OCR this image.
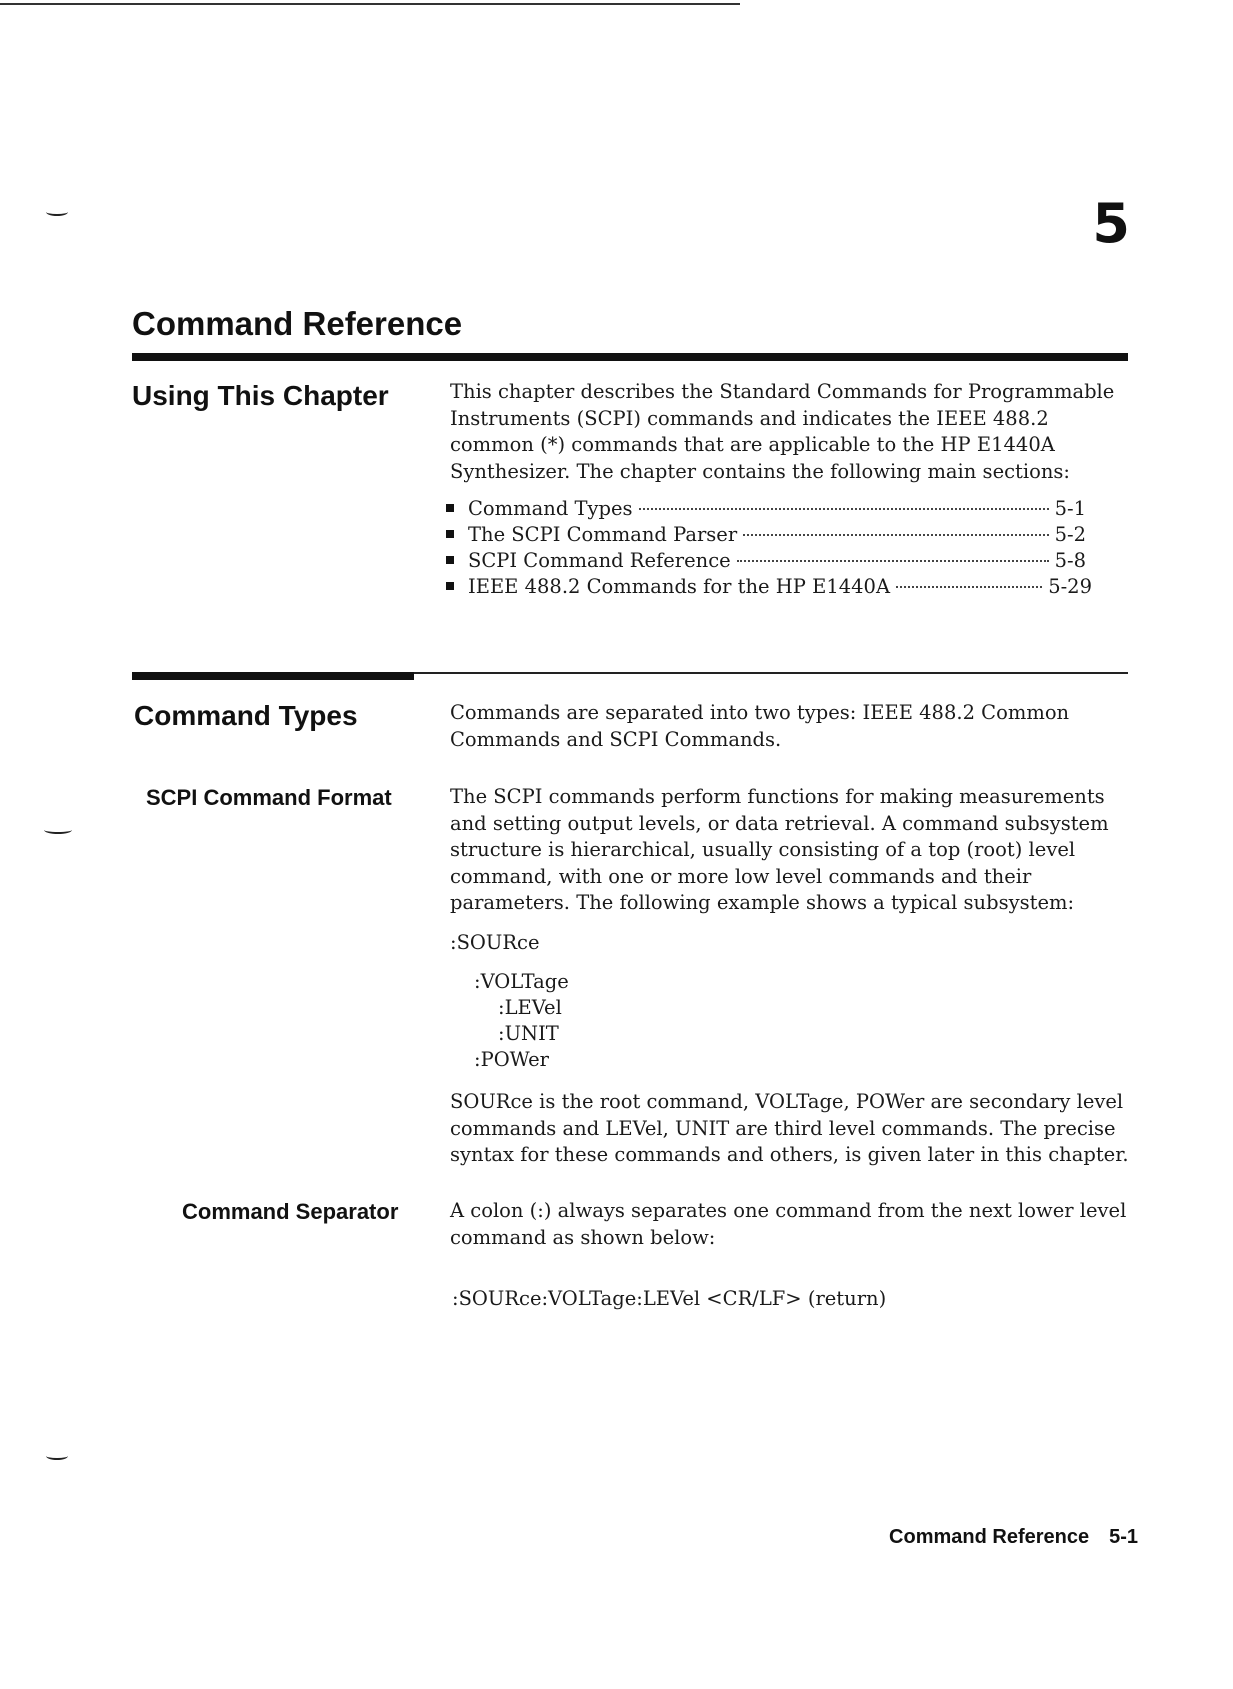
5
Command Reference
Using This Chapter	This chapter describes the Standard Commands for Programmable Instruments (SCPI) commands and indicates the IEEE 488.2 common (*) commands that are applicable to the HP E1440A Synthesizer. The chapter contains the following main sections:
Command Types	5-1
The SCPI Command Parser	5-2
SCPI Command Reference	5-8
IEEE 488.2 Commands for the HP E1440A	5-29
Command Types	Commands are separated into two types: IEEE 488.2 Common Commands and SCPI Commands.
SCPI Command Format	The SCPI commands perform functions for making measurements and setting output levels, or data retrieval. A command subsystem structure is hierarchical, usually consisting of a top (root) level command, with one or more low level commands and their parameters. The following example shows a typical subsystem:
:SOURce
:VOLTage
:LEVel
:UNIT
:POWer
SOURce is the root command, VOLTage, POWer are secondary level commands and LEVel, UNIT are third level commands. The precise syntax for these commands and others, is given later in this chapter.
Command Separator	A colon (:) always separates one command from the next lower level command as shown below:
:SOURce:VOLTage:LEVel <CR/LF> (return)
Command Reference 5-1
